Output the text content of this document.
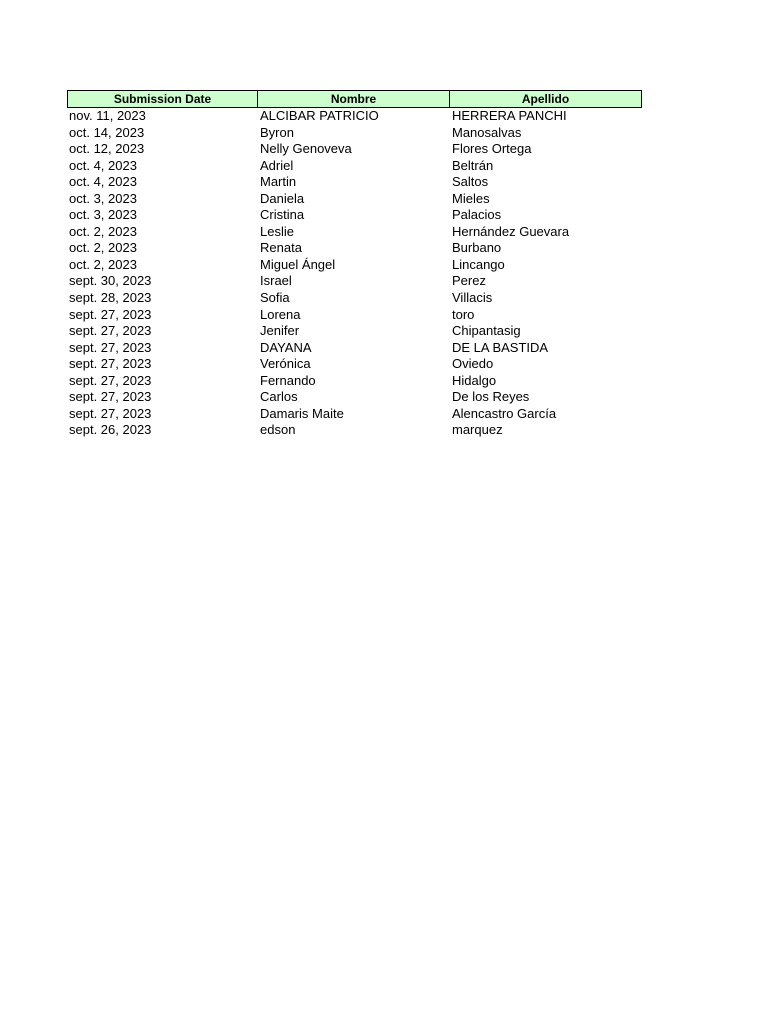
Submission Date	Nombre	Apellido
nov. 11, 2023	ALCIBAR PATRICIO	HERRERA PANCHI
oct. 14, 2023	Byron	Manosalvas
oct. 12, 2023	Nelly Genoveva	Flores Ortega
oct. 4, 2023	Adriel	Beltrán
oct. 4, 2023	Martin	Saltos
oct. 3, 2023	Daniela	Mieles
oct. 3, 2023	Cristina	Palacios
oct. 2, 2023	Leslie	Hernández Guevara
oct. 2, 2023	Renata	Burbano
oct. 2, 2023	Miguel Ángel	Lincango
sept. 30, 2023	Israel	Perez
sept. 28, 2023	Sofia	Villacis
sept. 27, 2023	Lorena	toro
sept. 27, 2023	Jenifer	Chipantasig
sept. 27, 2023	DAYANA	DE LA BASTIDA
sept. 27, 2023	Verónica	Oviedo
sept. 27, 2023	Fernando	Hidalgo
sept. 27, 2023	Carlos	De los Reyes
sept. 27, 2023	Damaris Maite	Alencastro García
sept. 26, 2023	edson	marquez
